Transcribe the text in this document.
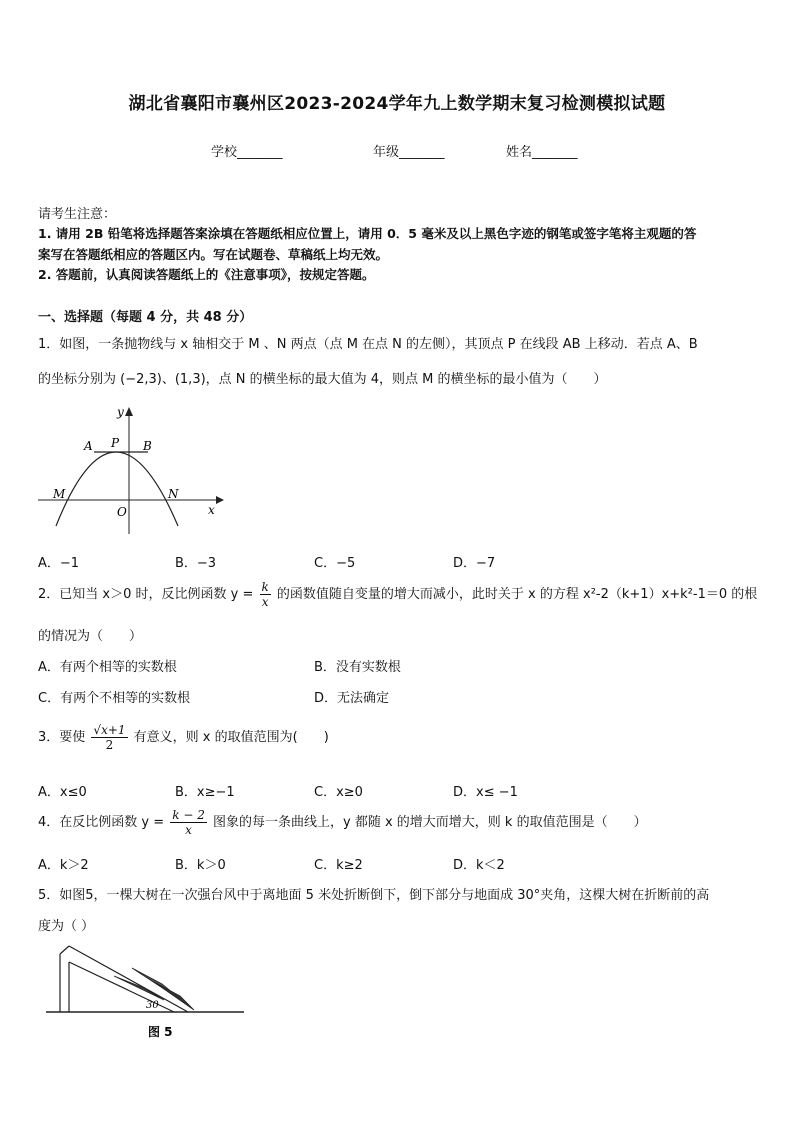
湖北省襄阳市襄州区2023-2024学年九上数学期末复习检测模拟试题
学校_______	年级_______	姓名_______
请考生注意：
1. 请用 2B 铅笔将选择题答案涂填在答题纸相应位置上，请用 0．5 毫米及以上黑色字迹的钢笔或签字笔将主观题的答
案写在答题纸相应的答题区内。写在试题卷、草稿纸上均无效。
2. 答题前，认真阅读答题纸上的《注意事项》，按规定答题。
一、选择题（每题 4 分，共 48 分）
1．如图，一条抛物线与 x 轴相交于 M 、N 两点（点 M 在点 N 的左侧），其顶点 P 在线段 AB 上移动．若点 A、B
的坐标分别为 (−2,3)、(1,3)，点 N 的横坐标的最大值为 4，则点 M 的横坐标的最小值为（　　）
y
x
A P B
M	N
O
A．−1	B．−3	C．−5	D．−7
2．已知当 x＞0 时，反比例函数 $y = \frac{k}{x}$ 的函数值随自变量的增大而减小，此时关于 x 的方程 x²-2（k+1）x+k²-1＝0 的根
的情况为（　　）
A．有两个相等的实数根	B．没有实数根
C．有两个不相等的实数根	D．无法确定
3．要使 $\frac{√x+1}{2}$ 有意义，则 x 的取值范围为(　　)
A．x≤0	B．x≥−1	C．x≥0	D．x≤ −1
4．在反比例函数 $y = \frac{k - 2}{x}$ 图象的每一条曲线上，y 都随 x 的增大而增大，则 k 的取值范围是（　　）
A．k＞2	B．k＞0	C．k≥2	D．k＜2
5．如图5，一棵大树在一次强台风中于离地面 5 米处折断倒下，倒下部分与地面成 30°夹角，这棵大树在折断前的高
度为（ ）
30
图 5
